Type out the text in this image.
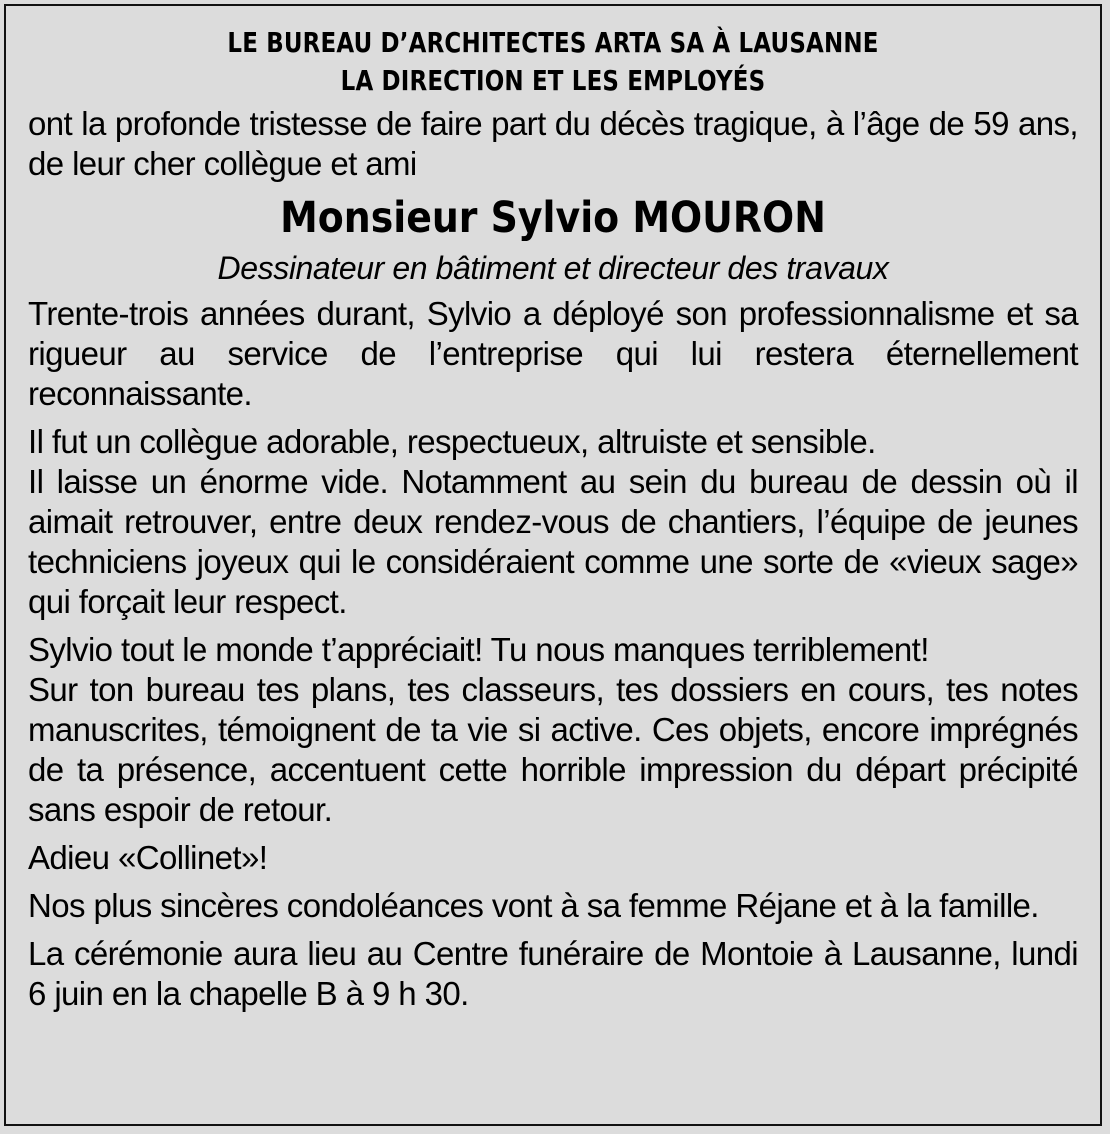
LE BUREAU D’ARCHITECTES ARTA SA À LAUSANNE
LA DIRECTION ET LES EMPLOYÉS
ont la profonde tristesse de faire part du décès tragique, à l’âge de 59 ans, de leur cher collègue et ami
Monsieur Sylvio MOURON
Dessinateur en bâtiment et directeur des travaux

Trente-trois années durant, Sylvio a déployé son professionnalisme et sa rigueur au service de l’entreprise qui lui restera éternellement reconnaissante.

Il fut un collègue adorable, respectueux, altruiste et sensible.
Il laisse un énorme vide. Notamment au sein du bureau de dessin où il aimait retrouver, entre deux rendez-vous de chantiers, l’équipe de jeunes techniciens joyeux qui le considéraient comme une sorte de «vieux sage» qui forçait leur respect.

Sylvio tout le monde t’appréciait! Tu nous manques terriblement!
Sur ton bureau tes plans, tes classeurs, tes dossiers en cours, tes notes manuscrites, témoignent de ta vie si active. Ces objets, encore imprégnés de ta présence, accentuent cette horrible impression du départ précipité sans espoir de retour.

Adieu «Collinet»!

Nos plus sincères condoléances vont à sa femme Réjane et à la famille.

La cérémonie aura lieu au Centre funéraire de Montoie à Lausanne, lundi 6 juin en la chapelle B à 9 h 30.
